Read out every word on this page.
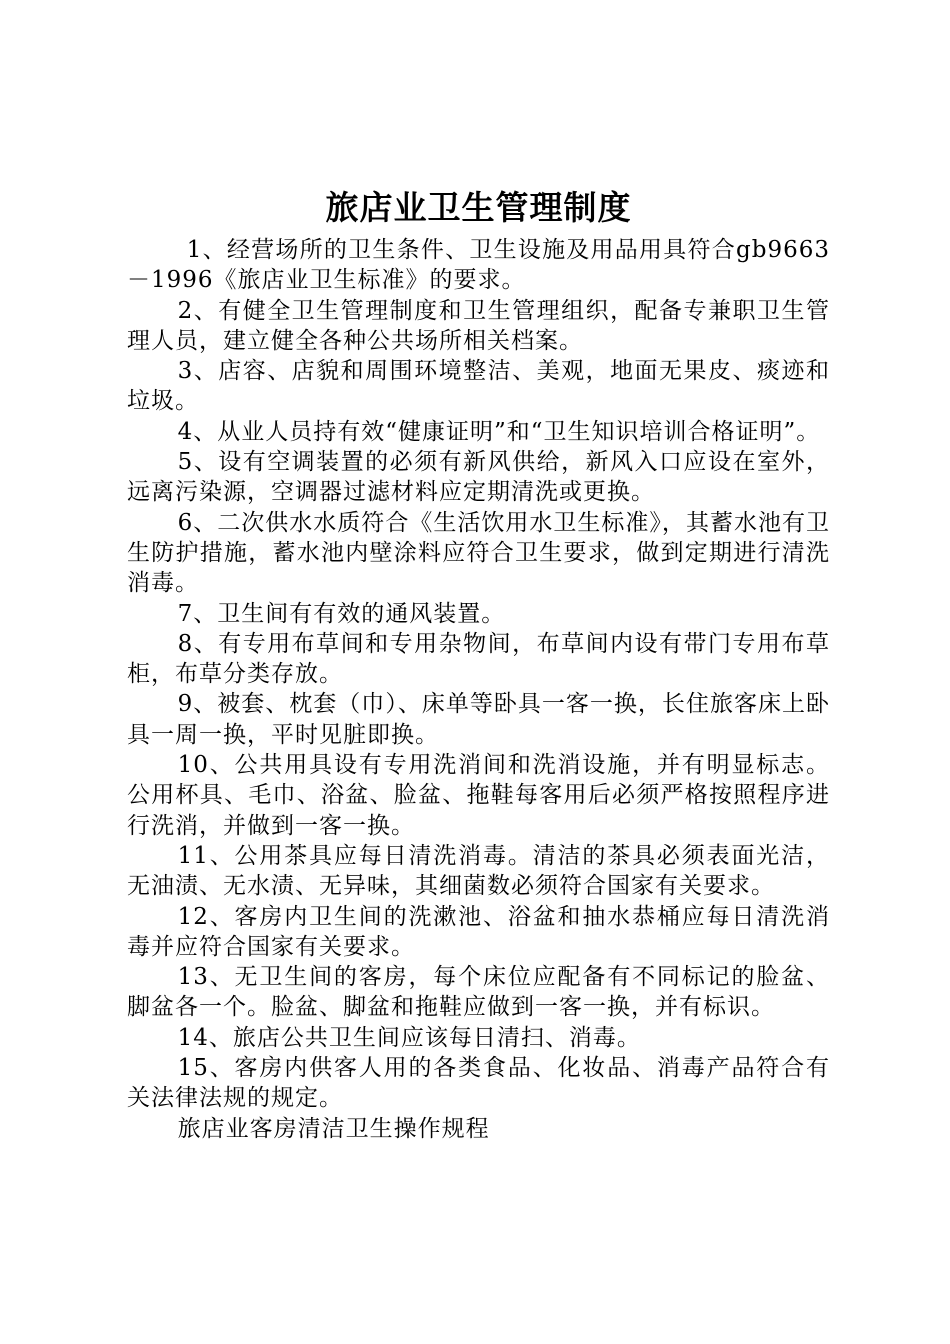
旅店业卫生管理制度

1、经营场所的卫生条件、卫生设施及用品用具符合gb9663－1996《旅店业卫生标准》的要求。

2、有健全卫生管理制度和卫生管理组织，配备专兼职卫生管理人员，建立健全各种公共场所相关档案。

3、店容、店貌和周围环境整洁、美观，地面无果皮、痰迹和垃圾。

4、从业人员持有效“健康证明”和“卫生知识培训合格证明”。

5、设有空调装置的必须有新风供给，新风入口应设在室外，远离污染源，空调器过滤材料应定期清洗或更换。

6、二次供水水质符合《生活饮用水卫生标准》，其蓄水池有卫生防护措施，蓄水池内壁涂料应符合卫生要求，做到定期进行清洗消毒。

7、卫生间有有效的通风装置。

8、有专用布草间和专用杂物间，布草间内设有带门专用布草柜，布草分类存放。

9、被套、枕套（巾）、床单等卧具一客一换，长住旅客床上卧具一周一换，平时见脏即换。

10、公共用具设有专用洗消间和洗消设施，并有明显标志。公用杯具、毛巾、浴盆、脸盆、拖鞋每客用后必须严格按照程序进行洗消，并做到一客一换。

11、公用茶具应每日清洗消毒。清洁的茶具必须表面光洁，无油渍、无水渍、无异味，其细菌数必须符合国家有关要求。

12、客房内卫生间的洗漱池、浴盆和抽水恭桶应每日清洗消毒并应符合国家有关要求。

13、无卫生间的客房，每个床位应配备有不同标记的脸盆、脚盆各一个。脸盆、脚盆和拖鞋应做到一客一换，并有标识。

14、旅店公共卫生间应该每日清扫、消毒。

15、客房内供客人用的各类食品、化妆品、消毒产品符合有关法律法规的规定。

旅店业客房清洁卫生操作规程
